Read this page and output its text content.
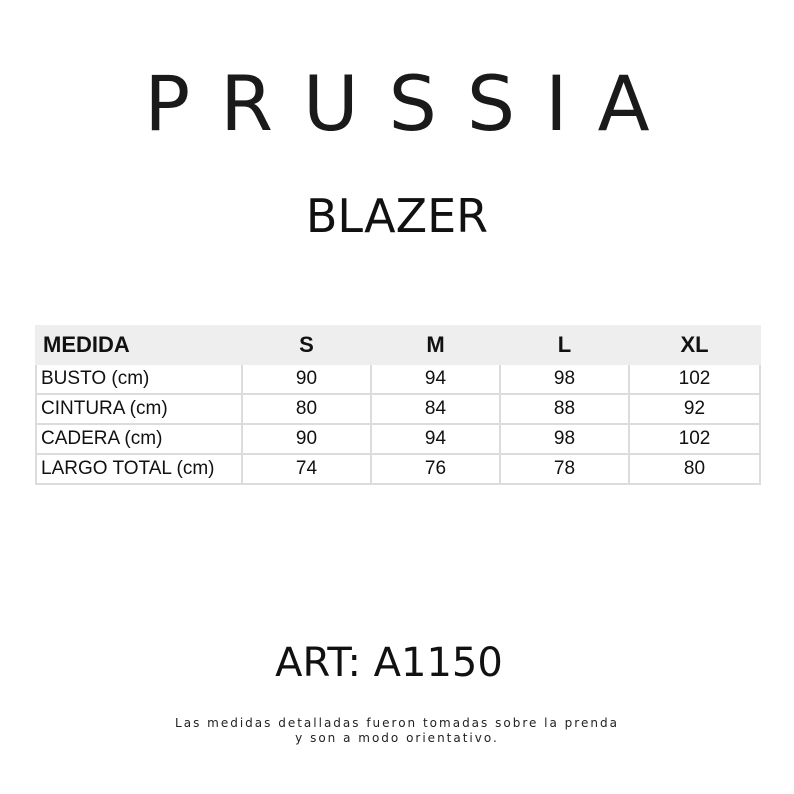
PRUSSIA
BLAZER
MEDIDA	S	M	L	XL
BUSTO (cm)	90	94	98	102
CINTURA (cm)	80	84	88	92
CADERA (cm)	90	94	98	102
LARGO TOTAL (cm)	74	76	78	80
ART: A1150
Las medidas detalladas fueron tomadas sobre la prenda
y son a modo orientativo.
